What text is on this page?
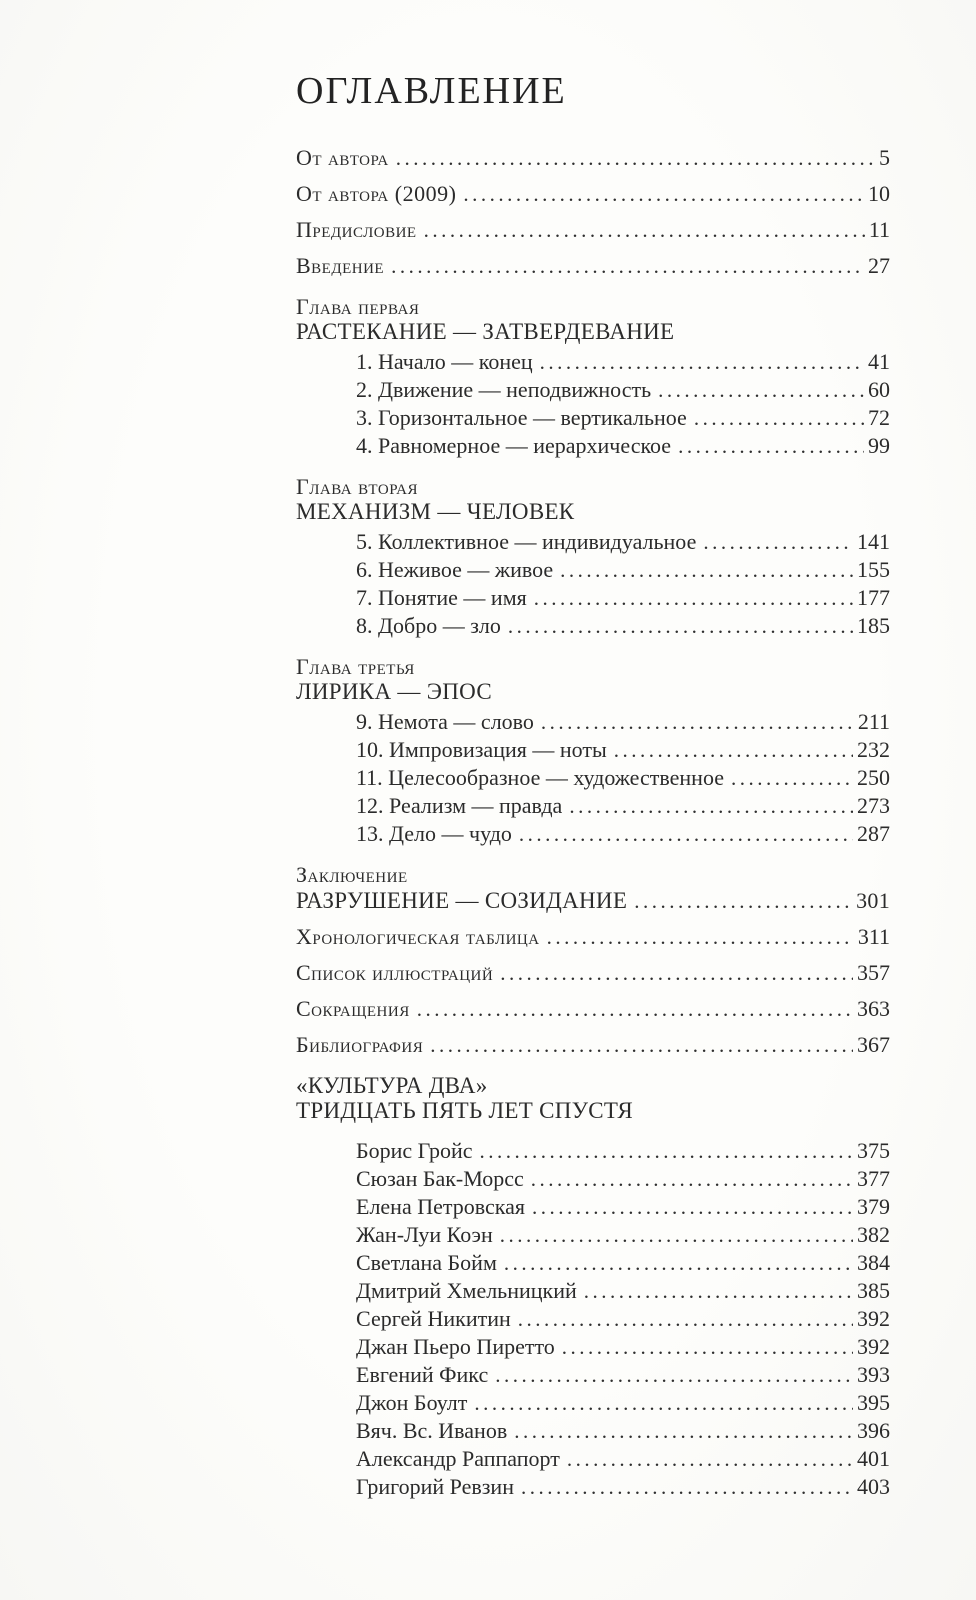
ОГЛАВЛЕНИЕ
От автора .....	5
От автора (2009) .....	10
Предисловие .....	11
Введение .....	27
Глава первая
РАСТЕКАНИЕ — ЗАТВЕРДЕВАНИЕ
1. Начало — конец .....	41
2. Движение — неподвижность .....	60
3. Горизонтальное — вертикальное .....	72
4. Равномерное — иерархическое .....	99
Глава вторая
МЕХАНИЗМ — ЧЕЛОВЕК
5. Коллективное — индивидуальное .....	141
6. Неживое — живое .....	155
7. Понятие — имя .....	177
8. Добро — зло .....	185
Глава третья
ЛИРИКА — ЭПОС
9. Немота — слово .....	211
10. Импровизация — ноты .....	232
11. Целесообразное — художественное .....	250
12. Реализм — правда .....	273
13. Дело — чудо .....	287
Заключение
РАЗРУШЕНИЕ — СОЗИДАНИЕ .....	301
Хронологическая таблица .....	311
Список иллюстраций .....	357
Сокращения .....	363
Библиография .....	367
«КУЛЬТУРА ДВА»
ТРИДЦАТЬ ПЯТЬ ЛЕТ СПУСТЯ
Борис Гройс .....	375
Сюзан Бак-Морсс .....	377
Елена Петровская .....	379
Жан-Луи Коэн .....	382
Светлана Бойм .....	384
Дмитрий Хмельницкий .....	385
Сергей Никитин .....	392
Джан Пьеро Пиретто .....	392
Евгений Фикс .....	393
Джон Боулт .....	395
Вяч. Вс. Иванов .....	396
Александр Раппапорт .....	401
Григорий Ревзин .....	403
